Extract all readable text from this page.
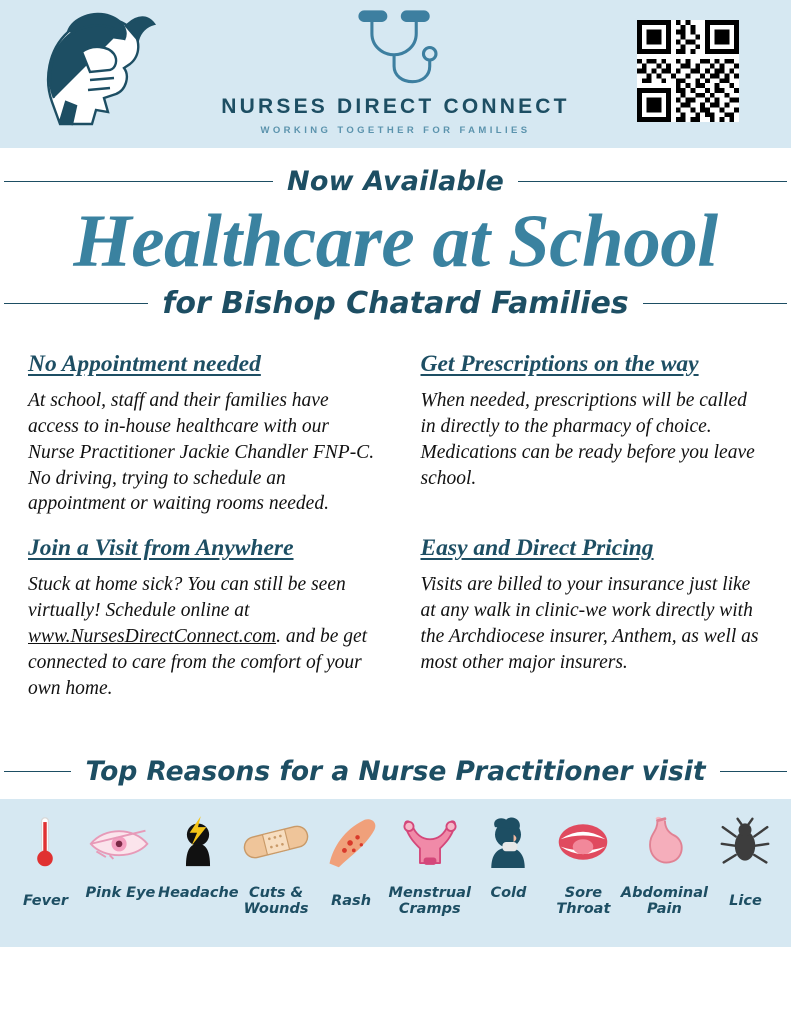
NURSES DIRECT CONNECT
WORKING TOGETHER FOR FAMILIES
Now Available
Healthcare at School
for Bishop Chatard Families
No Appointment needed
At school, staff and their families have access to in-house healthcare with our Nurse Practitioner Jackie Chandler FNP-C. No driving, trying to schedule an appointment or waiting rooms needed.
Get Prescriptions on the way
When needed, prescriptions will be called in directly to the pharmacy of choice. Medications can be ready before you leave school.
Join a Visit from Anywhere
Stuck at home sick? You can still be seen virtually! Schedule online at www.NursesDirectConnect.com. and be get connected to care from the comfort of your own home.
Easy and Direct Pricing
Visits are billed to your insurance just like at any walk in clinic-we work directly with the Archdiocese insurer, Anthem, as well as most other major insurers.
Top Reasons for a Nurse Practitioner visit
Fever Pink Eye Headache Cuts & Wounds
Rash Menstrual Cramps
Cold	Sore Throat
Abdominal Pain
Lice
